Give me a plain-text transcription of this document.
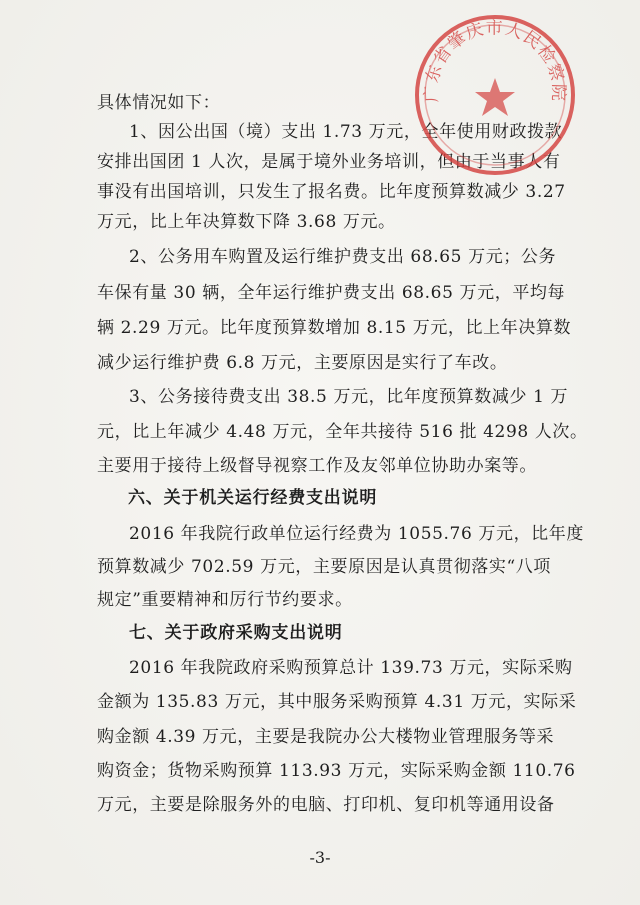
具体情况如下：
1、因公出国（境）支出 1.73 万元，全年使用财政拨款
安排出国团 1 人次，是属于境外业务培训，但由于当事人有
事没有出国培训，只发生了报名费。比年度预算数减少 3.27
万元，比上年决算数下降 3.68 万元。
2、公务用车购置及运行维护费支出 68.65 万元；公务
车保有量 30 辆，全年运行维护费支出 68.65 万元，平均每
辆 2.29 万元。比年度预算数增加 8.15 万元，比上年决算数
减少运行维护费 6.8 万元，主要原因是实行了车改。
3、公务接待费支出 38.5 万元，比年度预算数减少 1 万
元，比上年减少 4.48 万元，全年共接待 516 批 4298 人次。
主要用于接待上级督导视察工作及友邻单位协助办案等。
六、关于机关运行经费支出说明
2016 年我院行政单位运行经费为 1055.76 万元，比年度
预算数减少 702.59 万元，主要原因是认真贯彻落实“八项
规定”重要精神和厉行节约要求。
七、关于政府采购支出说明
2016 年我院政府采购预算总计 139.73 万元，实际采购
金额为 135.83 万元，其中服务采购预算 4.31 万元，实际采
购金额 4.39 万元，主要是我院办公大楼物业管理服务等采
购资金；货物采购预算 113.93 万元，实际采购金额 110.76
万元，主要是除服务外的电脑、打印机、复印机等通用设备
-3-
广东省肇庆市人民检察院
